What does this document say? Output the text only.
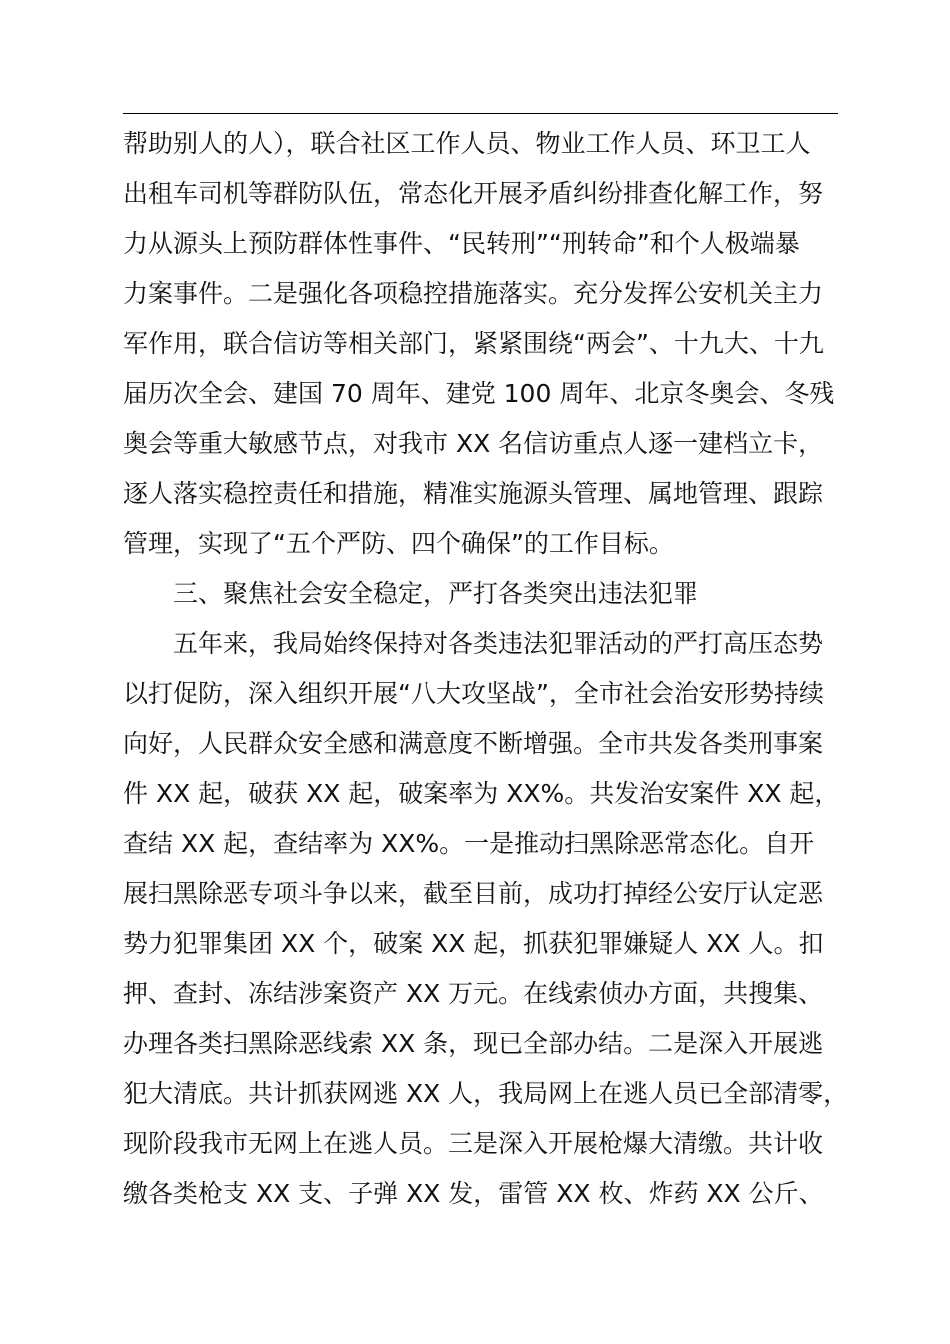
帮助别人的人），联合社区工作人员、物业工作人员、环卫工人
出租车司机等群防队伍，常态化开展矛盾纠纷排查化解工作，努
力从源头上预防群体性事件、“民转刑”“刑转命”和个人极端暴
力案事件。二是强化各项稳控措施落实。充分发挥公安机关主力
军作用，联合信访等相关部门，紧紧围绕“两会”、十九大、十九
届历次全会、建国 70 周年、建党 100 周年、北京冬奥会、冬残
奥会等重大敏感节点，对我市 XX 名信访重点人逐一建档立卡，
逐人落实稳控责任和措施，精准实施源头管理、属地管理、跟踪
管理，实现了“五个严防、四个确保”的工作目标。
三、聚焦社会安全稳定，严打各类突出违法犯罪
五年来，我局始终保持对各类违法犯罪活动的严打高压态势
以打促防，深入组织开展“八大攻坚战”，全市社会治安形势持续
向好，人民群众安全感和满意度不断增强。全市共发各类刑事案
件 XX 起，破获 XX 起，破案率为 XX%。共发治安案件 XX 起，
查结 XX 起，查结率为 XX%。一是推动扫黑除恶常态化。自开
展扫黑除恶专项斗争以来，截至目前，成功打掉经公安厅认定恶
势力犯罪集团 XX 个，破案 XX 起，抓获犯罪嫌疑人 XX 人。扣
押、查封、冻结涉案资产 XX 万元。在线索侦办方面，共搜集、
办理各类扫黑除恶线索 XX 条，现已全部办结。二是深入开展逃
犯大清底。共计抓获网逃 XX 人，我局网上在逃人员已全部清零，
现阶段我市无网上在逃人员。三是深入开展枪爆大清缴。共计收
缴各类枪支 XX 支、子弹 XX 发，雷管 XX 枚、炸药 XX 公斤、
